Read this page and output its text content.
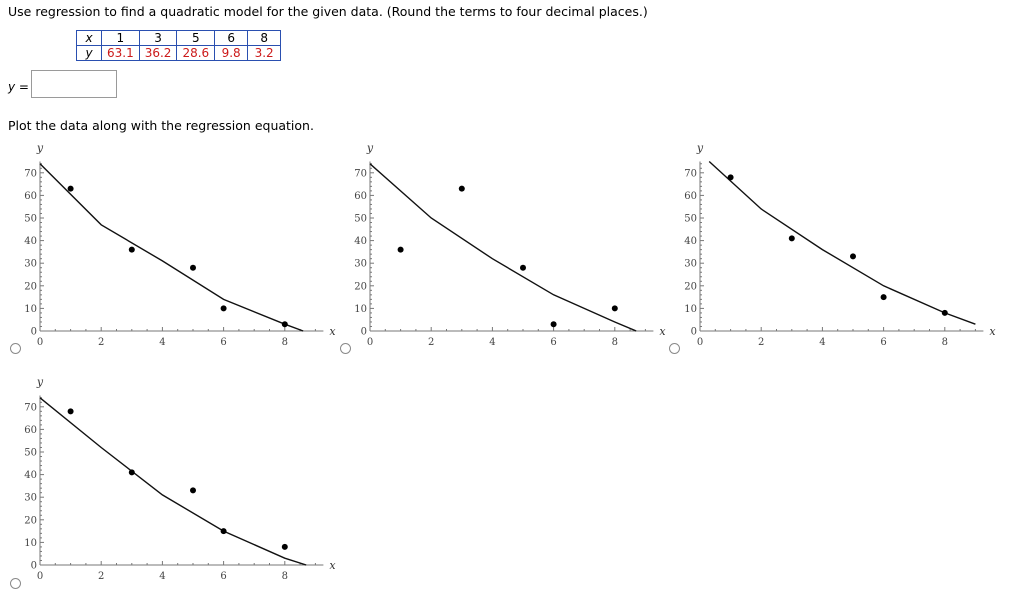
Use regression to find a quadratic model for the given data. (Round the terms to four decimal places.)
x	1	3	5	6	8
y	63.1	36.2	28.6	9.8	3.2
y =
Plot the data along with the regression equation.
0	2	4	6	8
0
10
20
30
40
50
60
70
x
y
0	2	4	6	8
0
10
20
30
40
50
60
70
x
y
0	2	4	6	8
0
10
20
30
40
50
60
70
x
y
0	2	4	6	8
0
10
20
30
40
50
60
70
x
y
